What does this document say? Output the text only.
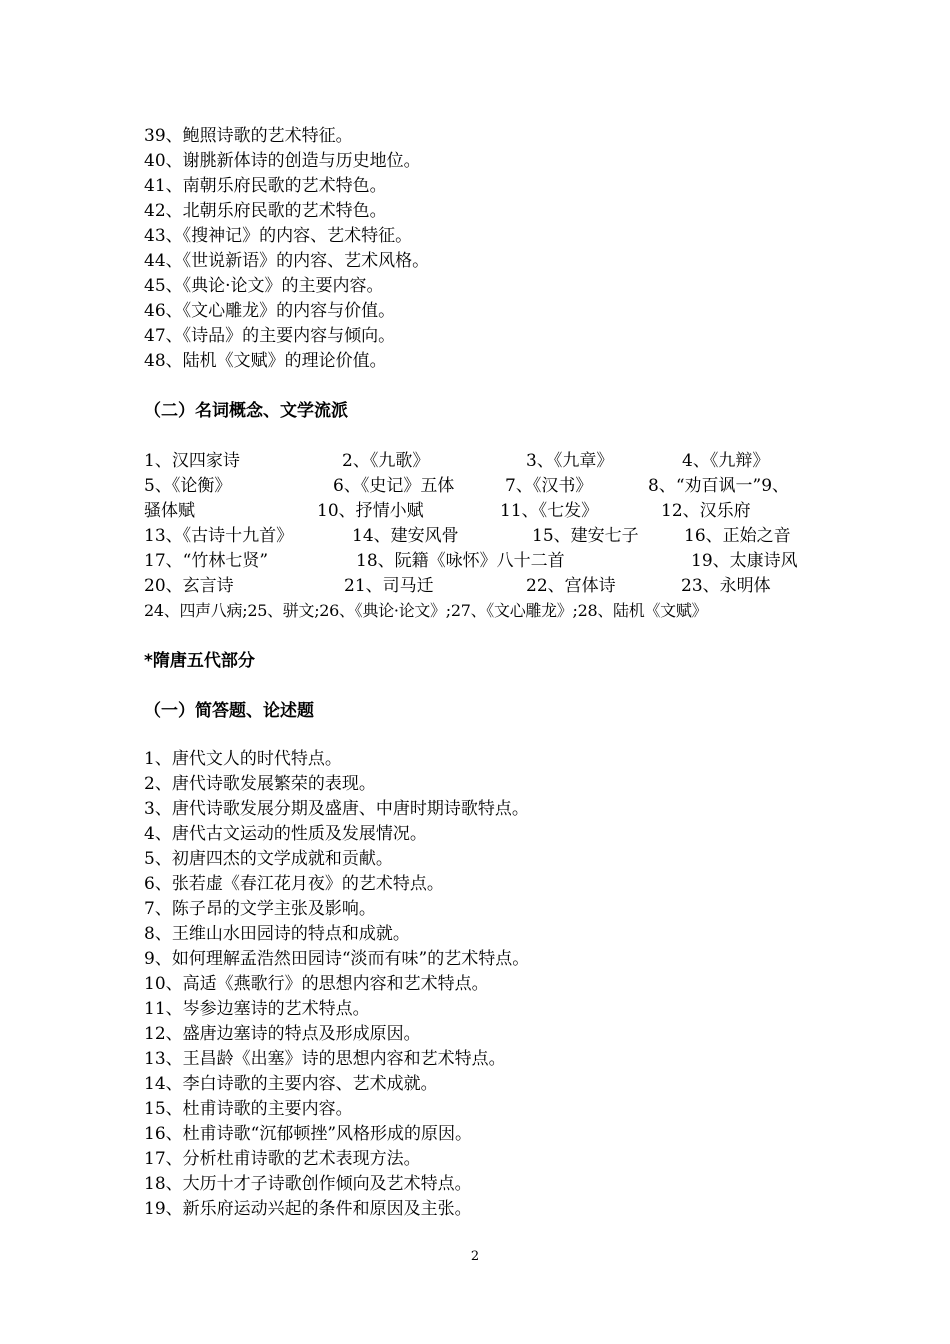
39、鲍照诗歌的艺术特征。
40、谢朓新体诗的创造与历史地位。
41、南朝乐府民歌的艺术特色。
42、北朝乐府民歌的艺术特色。
43、《搜神记》的内容、艺术特征。
44、《世说新语》的内容、艺术风格。
45、《典论·论文》的主要内容。
46、《文心雕龙》的内容与价值。
47、《诗品》的主要内容与倾向。
48、陆机《文赋》的理论价值。
（二）名词概念、文学流派
1、汉四家诗	2、《九歌》	3、《九章》	4、《九辩》
5、《论衡》	6、《史记》五体	7、《汉书》	8、“劝百讽一”9、
骚体赋	10、抒情小赋	11、《七发》	12、汉乐府
13、《古诗十九首》	14、建安风骨	15、建安七子	16、正始之音
17、“竹林七贤”	18、阮籍《咏怀》八十二首	19、太康诗风
20、玄言诗	21、司马迁	22、宫体诗	23、永明体
24、四声八病;25、骈文;26、《典论·论文》;27、《文心雕龙》;28、陆机《文赋》
*隋唐五代部分
（一）简答题、论述题
1、唐代文人的时代特点。
2、唐代诗歌发展繁荣的表现。
3、唐代诗歌发展分期及盛唐、中唐时期诗歌特点。
4、唐代古文运动的性质及发展情况。
5、初唐四杰的文学成就和贡献。
6、张若虚《春江花月夜》的艺术特点。
7、陈子昂的文学主张及影响。
8、王维山水田园诗的特点和成就。
9、如何理解孟浩然田园诗“淡而有味”的艺术特点。
10、高适《燕歌行》的思想内容和艺术特点。
11、岑参边塞诗的艺术特点。
12、盛唐边塞诗的特点及形成原因。
13、王昌龄《出塞》诗的思想内容和艺术特点。
14、李白诗歌的主要内容、艺术成就。
15、杜甫诗歌的主要内容。
16、杜甫诗歌“沉郁顿挫”风格形成的原因。
17、分析杜甫诗歌的艺术表现方法。
18、大历十才子诗歌创作倾向及艺术特点。
19、新乐府运动兴起的条件和原因及主张。
2
